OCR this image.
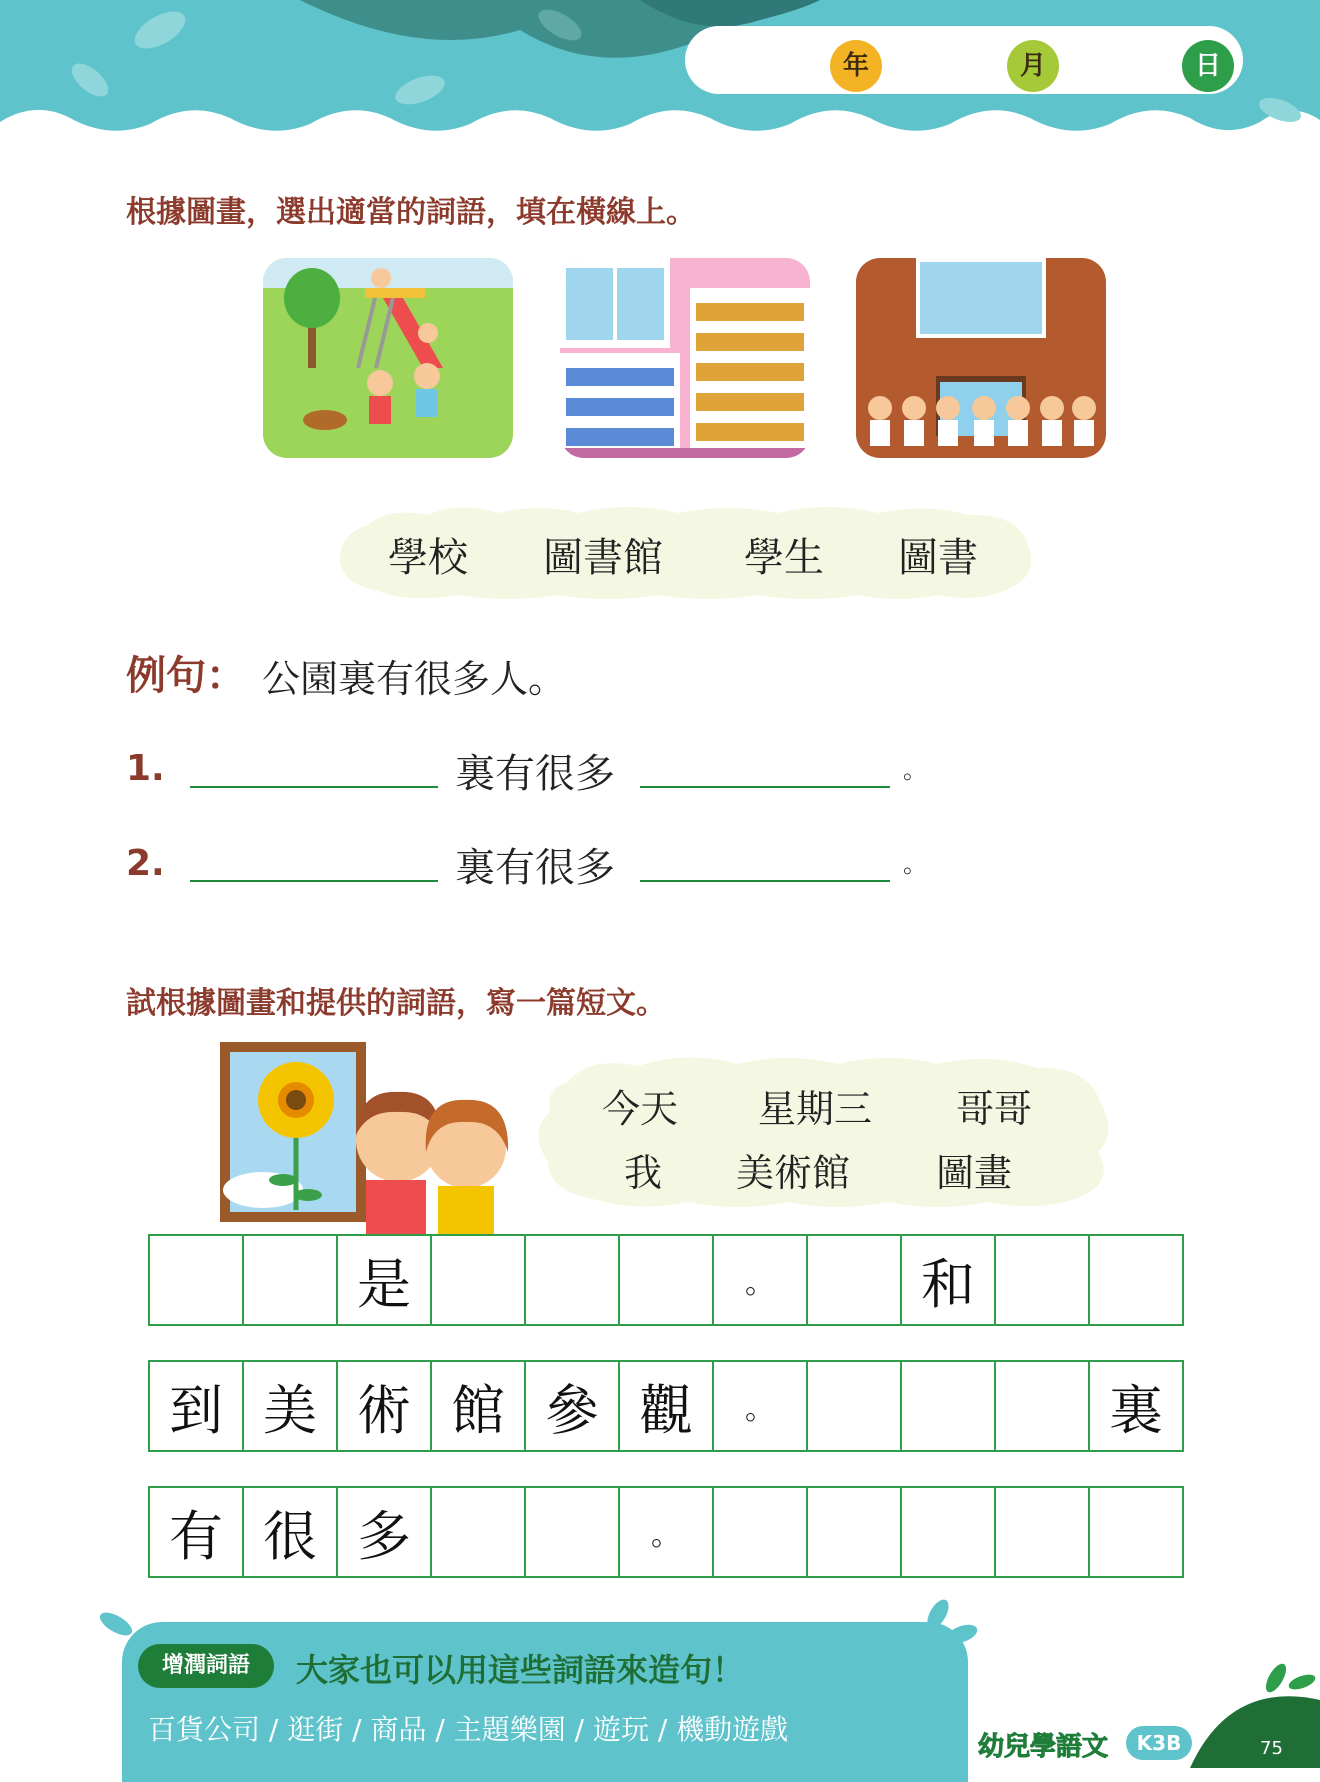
年	月	日
根據圖畫，選出適當的詞語，填在橫線上。
學校 圖書館 學生 圖書
例句： 公園裏有很多人。
1.	裏有很多	。
2.	裏有很多	。
試根據圖畫和提供的詞語，寫一篇短文。
今天 星期三 哥哥
我 美術館 圖畫
是	。	和
到 美 術 館 參 觀	。	裏
有 很 多	。
增潤詞語	大家也可以用這些詞語來造句！
百貨公司 / 逛街 / 商品 / 主題樂園 / 遊玩 / 機動遊戲
幼兒學語文	K3B	75
